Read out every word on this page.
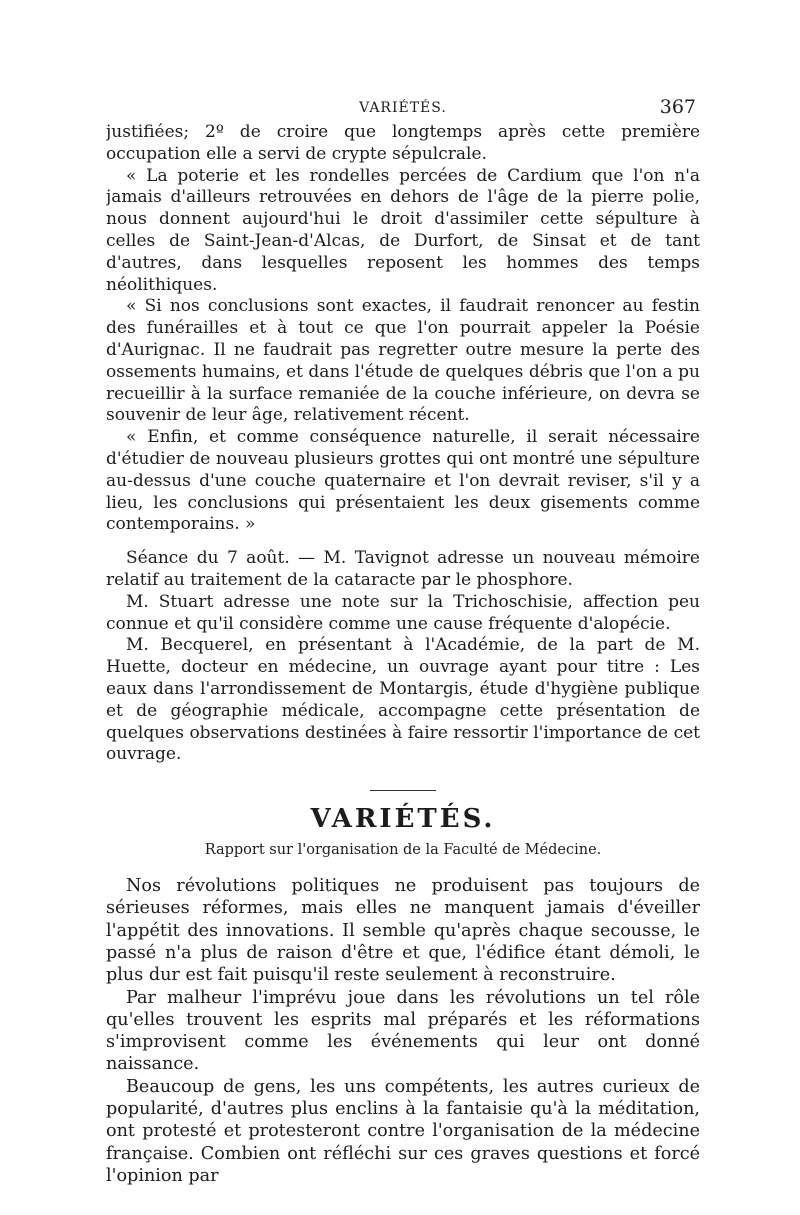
VARIÉTÉS.	367

justifiées; 2º de croire que longtemps après cette première occupation elle a servi de crypte sépulcrale.

« La poterie et les rondelles percées de Cardium que l'on n'a jamais d'ailleurs retrouvées en dehors de l'âge de la pierre polie, nous donnent aujourd'hui le droit d'assimiler cette sépulture à celles de Saint-Jean-d'Alcas, de Durfort, de Sinsat et de tant d'autres, dans lesquelles reposent les hommes des temps néolithiques.

« Si nos conclusions sont exactes, il faudrait renoncer au festin des funérailles et à tout ce que l'on pourrait appeler la Poésie d'Aurignac. Il ne faudrait pas regretter outre mesure la perte des ossements humains, et dans l'étude de quelques débris que l'on a pu recueillir à la surface remaniée de la couche inférieure, on devra se souvenir de leur âge, relativement récent.

« Enfin, et comme conséquence naturelle, il serait nécessaire d'étudier de nouveau plusieurs grottes qui ont montré une sépulture au-dessus d'une couche quaternaire et l'on devrait reviser, s'il y a lieu, les conclusions qui présentaient les deux gisements comme contemporains. »

Séance du 7 août. — M. Tavignot adresse un nouveau mémoire relatif au traitement de la cataracte par le phosphore.

M. Stuart adresse une note sur la Trichoschisie, affection peu connue et qu'il considère comme une cause fréquente d'alopécie.

M. Becquerel, en présentant à l'Académie, de la part de M. Huette, docteur en médecine, un ouvrage ayant pour titre : Les eaux dans l'arrondissement de Montargis, étude d'hygiène publique et de géographie médicale, accompagne cette présentation de quelques observations destinées à faire ressortir l'importance de cet ouvrage.

VARIÉTÉS.
Rapport sur l'organisation de la Faculté de Médecine.

Nos révolutions politiques ne produisent pas toujours de sérieuses réformes, mais elles ne manquent jamais d'éveiller l'appétit des innovations. Il semble qu'après chaque secousse, le passé n'a plus de raison d'être et que, l'édifice étant démoli, le plus dur est fait puisqu'il reste seulement à reconstruire.

Par malheur l'imprévu joue dans les révolutions un tel rôle qu'elles trouvent les esprits mal préparés et les réformations s'improvisent comme les événements qui leur ont donné naissance.

Beaucoup de gens, les uns compétents, les autres curieux de popularité, d'autres plus enclins à la fantaisie qu'à la méditation, ont protesté et protesteront contre l'organisation de la médecine française. Combien ont réfléchi sur ces graves questions et forcé l'opinion par
